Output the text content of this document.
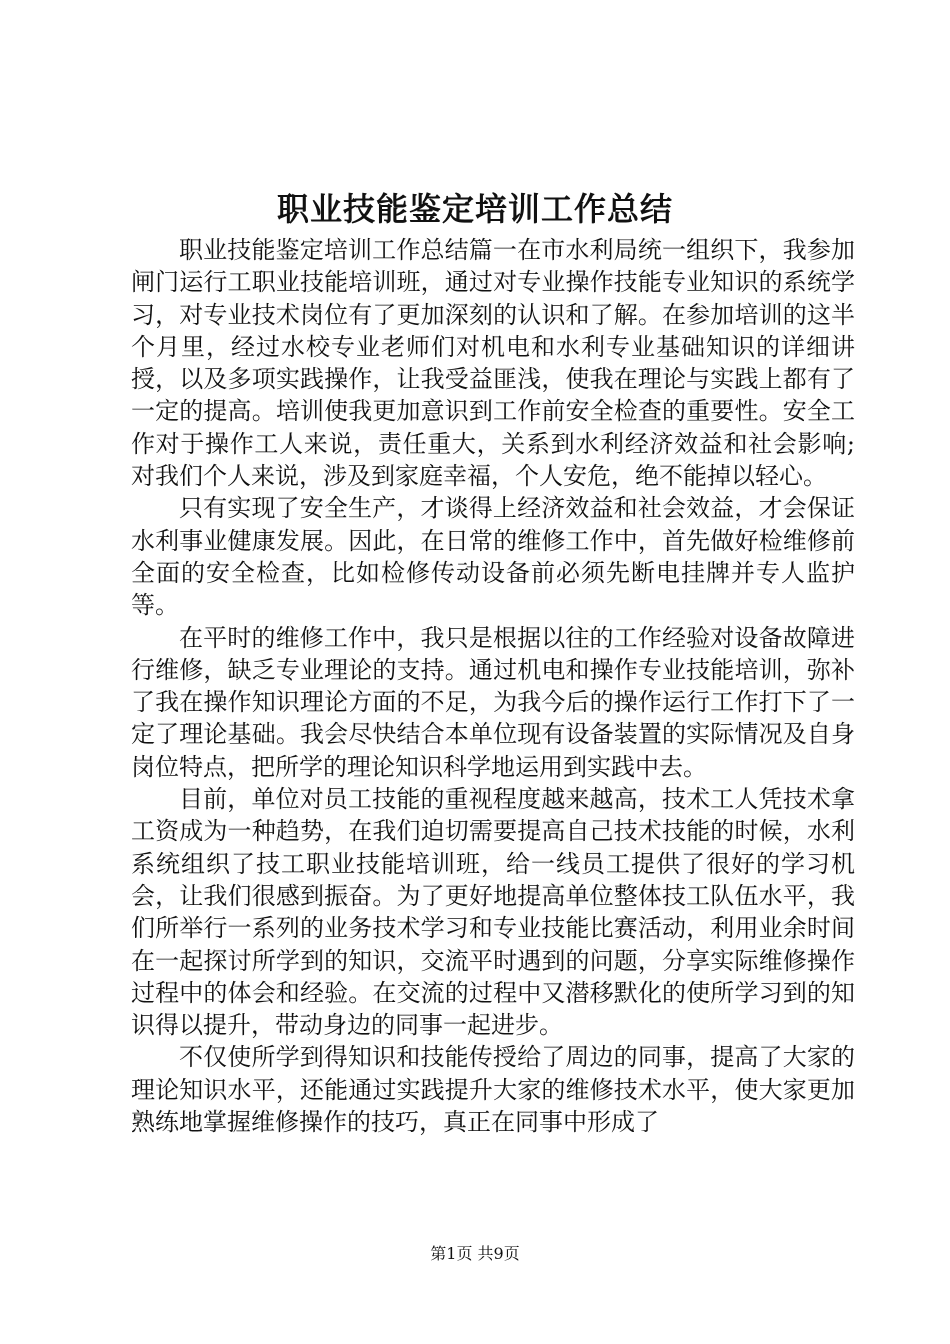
职业技能鉴定培训工作总结

职业技能鉴定培训工作总结篇一在市水利局统一组织下，我参加闸门运行工职业技能培训班，通过对专业操作技能专业知识的系统学习，对专业技术岗位有了更加深刻的认识和了解。在参加培训的这半个月里，经过水校专业老师们对机电和水利专业基础知识的详细讲授，以及多项实践操作，让我受益匪浅，使我在理论与实践上都有了一定的提高。培训使我更加意识到工作前安全检查的重要性。安全工作对于操作工人来说，责任重大，关系到水利经济效益和社会影响;对我们个人来说，涉及到家庭幸福，个人安危，绝不能掉以轻心。

只有实现了安全生产，才谈得上经济效益和社会效益，才会保证水利事业健康发展。因此，在日常的维修工作中，首先做好检维修前全面的安全检查，比如检修传动设备前必须先断电挂牌并专人监护等。

在平时的维修工作中，我只是根据以往的工作经验对设备故障进行维修，缺乏专业理论的支持。通过机电和操作专业技能培训，弥补了我在操作知识理论方面的不足，为我今后的操作运行工作打下了一定了理论基础。我会尽快结合本单位现有设备装置的实际情况及自身岗位特点，把所学的理论知识科学地运用到实践中去。

目前，单位对员工技能的重视程度越来越高，技术工人凭技术拿工资成为一种趋势，在我们迫切需要提高自己技术技能的时候，水利系统组织了技工职业技能培训班，给一线员工提供了很好的学习机会，让我们很感到振奋。为了更好地提高单位整体技工队伍水平，我们所举行一系列的业务技术学习和专业技能比赛活动，利用业余时间在一起探讨所学到的知识，交流平时遇到的问题，分享实际维修操作过程中的体会和经验。在交流的过程中又潜移默化的使所学习到的知识得以提升，带动身边的同事一起进步。

不仅使所学到得知识和技能传授给了周边的同事，提高了大家的理论知识水平，还能通过实践提升大家的维修技术水平，使大家更加熟练地掌握维修操作的技巧，真正在同事中形成了

第1页 共9页
